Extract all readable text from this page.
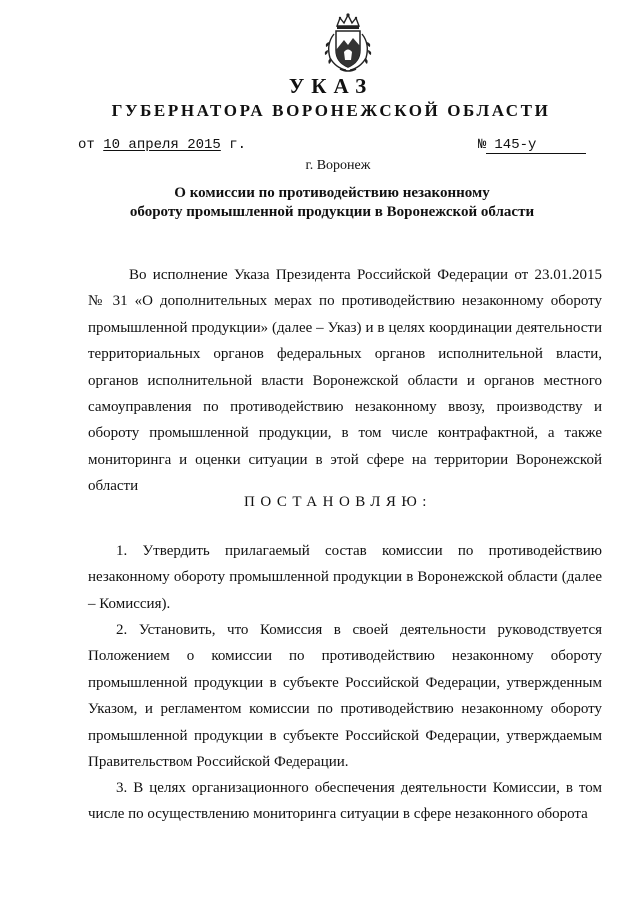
УКАЗ
ГУБЕРНАТОРА ВОРОНЕЖСКОЙ ОБЛАСТИ
от 10 апреля 2015 г.	№ 145-у
г. Воронеж
О комиссии по противодействию незаконному
обороту промышленной продукции в Воронежской области

Во исполнение Указа Президента Российской Федерации от 23.01.2015 № 31 «О дополнительных мерах по противодействию незаконному обороту промышленной продукции» (далее – Указ) и в целях координации деятельности территориальных органов федеральных органов исполнительной власти, органов исполнительной власти Воронежской области и органов местного самоуправления по противодействию незаконному ввозу, производству и обороту промышленной продукции, в том числе контрафактной, а также мониторинга и оценки ситуации в этой сфере на территории Воронежской области

ПОСТАНОВЛЯЮ:

1. Утвердить прилагаемый состав комиссии по противодействию незаконному обороту промышленной продукции в Воронежской области (далее – Комиссия).

2. Установить, что Комиссия в своей деятельности руководствуется Положением о комиссии по противодействию незаконному обороту промышленной продукции в субъекте Российской Федерации, утвержденным Указом, и регламентом комиссии по противодействию незаконному обороту промышленной продукции в субъекте Российской Федерации, утверждаемым Правительством Российской Федерации.

3. В целях организационного обеспечения деятельности Комиссии, в том числе по осуществлению мониторинга ситуации в сфере незаконного оборота
